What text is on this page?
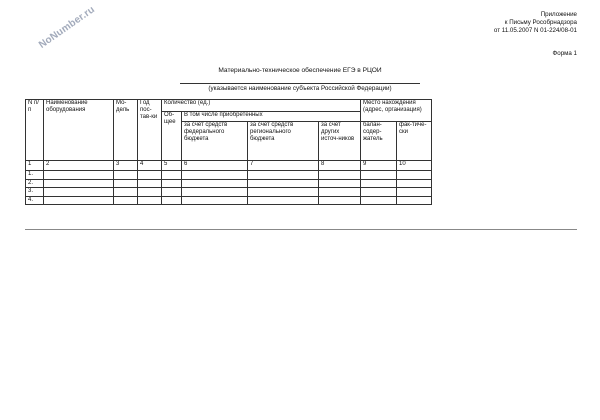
NoNumber.ru	Приложение
к Письму Рособрнадзора
от 11.05.2007 N 01-224/08-01
Форма 1
Материально-техническое обеспечение ЕГЭ в РЦОИ
(указывается наименование субъекта Российской Федерации)
N п/п	Наименование оборудования	Мо-дель	Год пос-тав-ки	Количество (ед.)				Место нахождения (адрес, организация)	
				Об-щее	В том числе приобретенных				
					за счет средств федерального бюджета	за счет средств регионального бюджета	за счет других источ-ников	балан-содер-жатель	фак-тиче-ски
1	2	3	4	5	6	7	8	9	10
1.									
2.									
3.									
4.									
